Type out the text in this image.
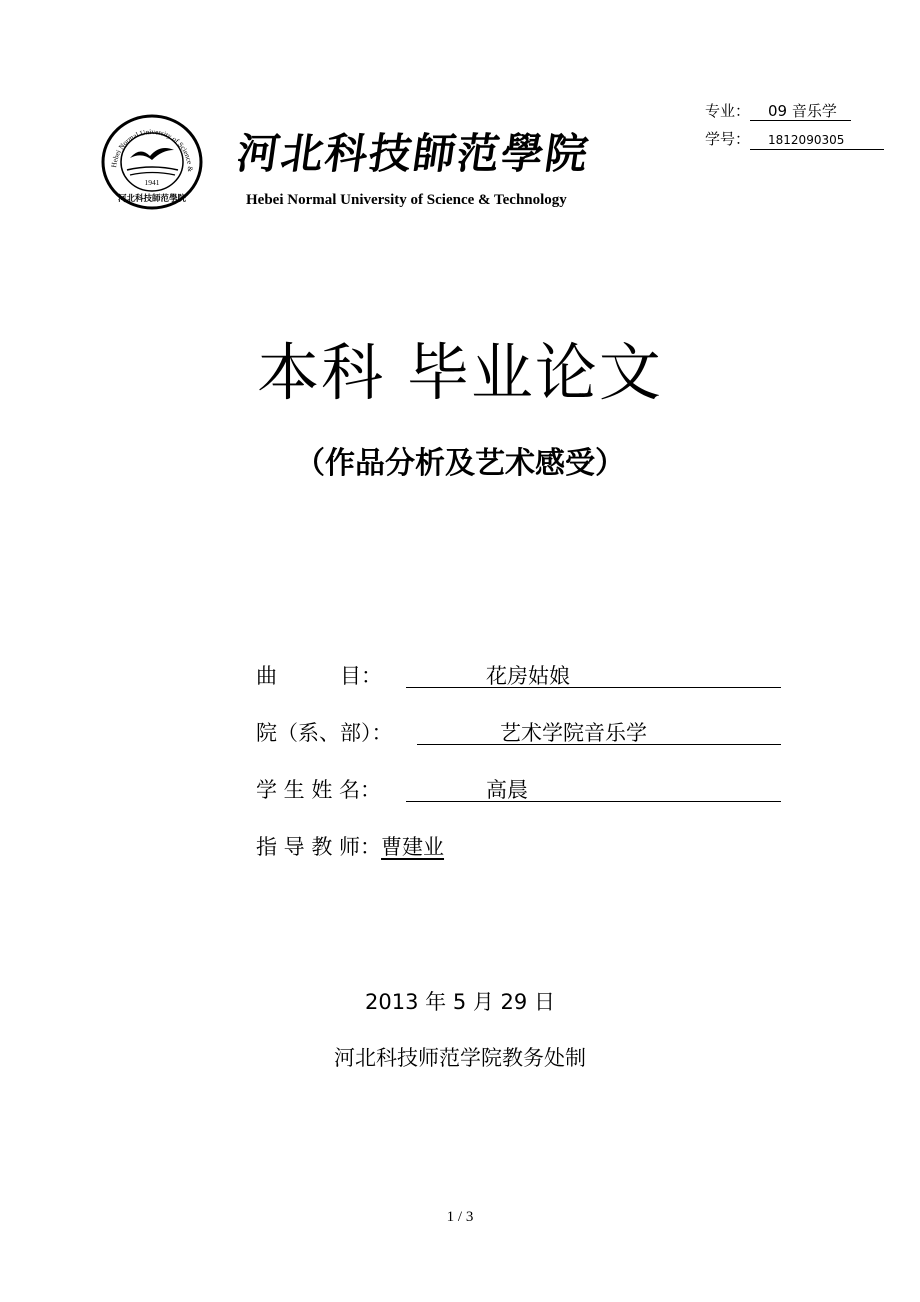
专业： 09 音乐学
学号： 1812090305
Hebei Normal University of Science &
1941
河北科技師范學院
河北科技師范學院
Hebei Normal University of Science & Technology
本科 毕业论文
（作品分析及艺术感受）
曲　　　目：	花房姑娘
院（系、部）：	艺术学院音乐学
学 生 姓 名：	高晨
指 导 教 师：曹建业
2013 年 5 月 29 日
河北科技师范学院教务处制
1 / 3
